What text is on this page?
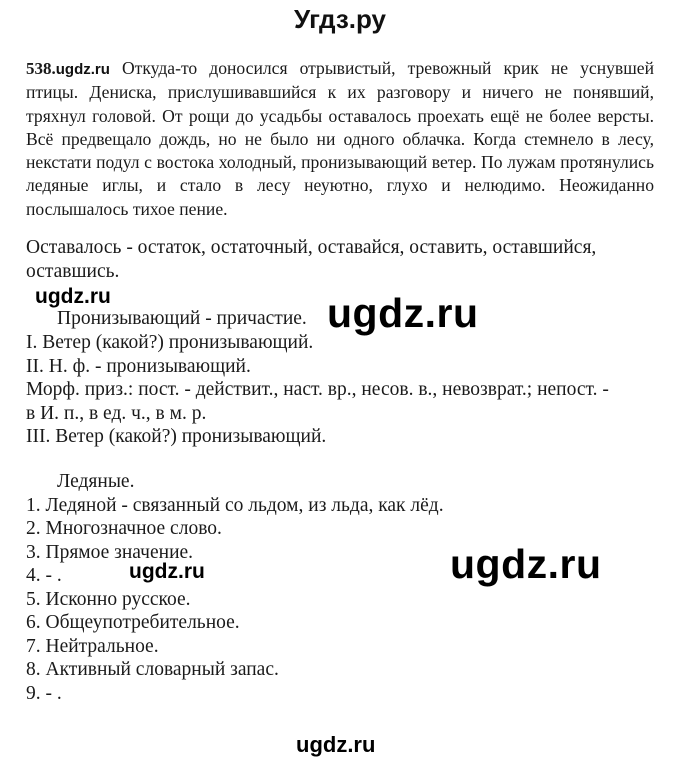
Угдз.ру
538.ugdz.ru Откуда-то доносился отрывистый, тревожный крик не уснувшей птицы. Дениска, прислушивавшийся к их разговору и ничего не понявший, тряхнул головой. От рощи до усадьбы оставалось проехать ещё не более версты. Всё предвещало дождь, но не было ни одного облачка. Когда стемнело в лесу, некстати подул с востока холодный, пронизывающий ветер. По лужам протянулись ледяные иглы, и стало в лесу неуютно, глухо и нелюдимо. Неожиданно послышалось тихое пение.
Оставалось - остаток, остаточный, оставайся, оставить, оставшийся,
оставшись.
Пронизывающий - причастие.
I. Ветер (какой?) пронизывающий.
II. Н. ф. - пронизывающий.
Морф. приз.: пост. - действит., наст. вр., несов. в., невозврат.; непост. -
в И. п., в ед. ч., в м. р.
III. Ветер (какой?) пронизывающий.
Ледяные.
1. Ледяной - связанный со льдом, из льда, как лёд.
2. Многозначное слово.
3. Прямое значение.
4. - .
5. Исконно русское.
6. Общеупотребительное.
7. Нейтральное.
8. Активный словарный запас.
9. - .
ugdz.ru	ugdz.ru
ugdz.ru	ugdz.ru
ugdz.ru
